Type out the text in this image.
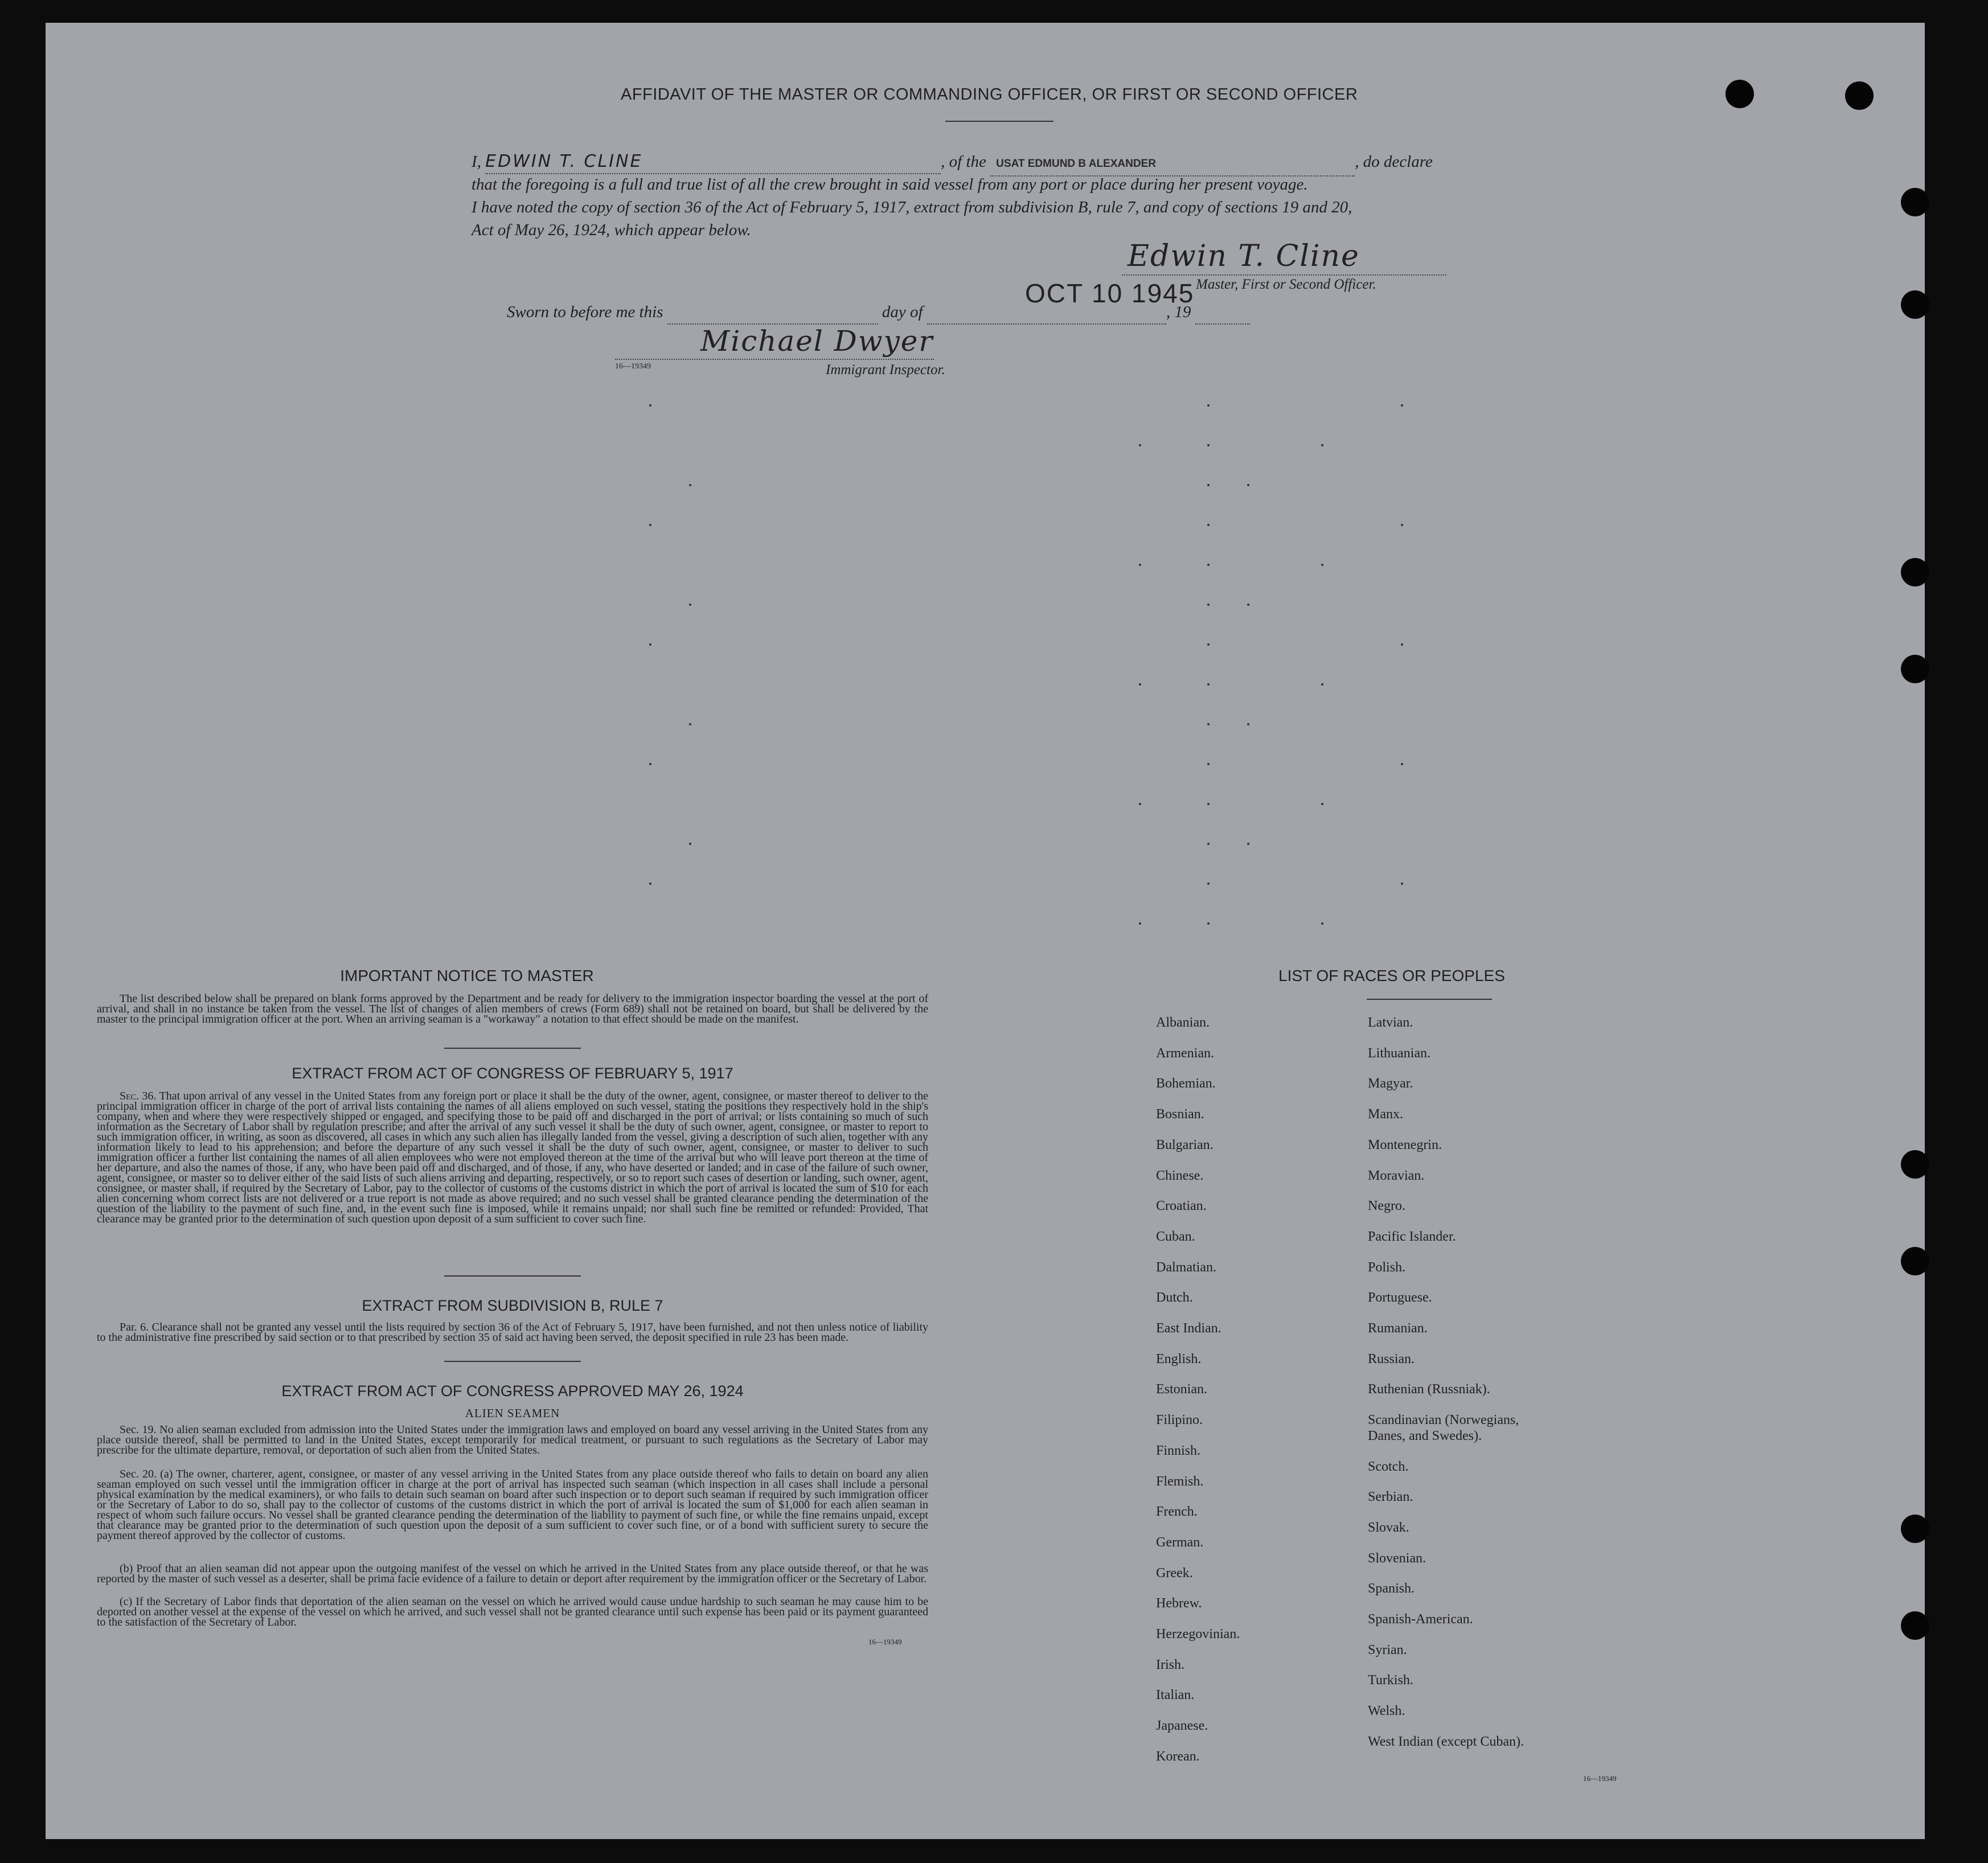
AFFIDAVIT OF THE MASTER OR COMMANDING OFFICER, OR FIRST OR SECOND OFFICER
I, EDWIN T. CLINE	, of the USAT EDMUND B ALEXANDER	, do declare
that the foregoing is a full and true list of all the crew brought in said vessel from any port or place during her present voyage.
I have noted the copy of section 36 of the Act of February 5, 1917, extract from subdivision B, rule 7, and copy of sections 19 and 20,
Act of May 26, 1924, which appear below.
Edwin T. Cline
Master, First or Second Officer.
Sworn to before me this	day of	, 19
OCT 10 1945
Michael Dwyer
16—19349	Immigrant Inspector.
IMPORTANT NOTICE TO MASTER
The list described below shall be prepared on blank forms approved by the Department and be ready for delivery to the immigration inspector boarding the vessel at the port of arrival, and shall in no instance be taken from the vessel. The list of changes of alien members of crews (Form 689) shall not be retained on board, but shall be delivered by the master to the principal immigration officer at the port. When an arriving seaman is a "workaway" a notation to that effect should be made on the manifest.
EXTRACT FROM ACT OF CONGRESS OF FEBRUARY 5, 1917
Sec. 36. That upon arrival of any vessel in the United States from any foreign port or place it shall be the duty of the owner, agent, consignee, or master thereof to deliver to the principal immigration officer in charge of the port of arrival lists containing the names of all aliens employed on such vessel, stating the positions they respectively hold in the ship's company, when and where they were respectively shipped or engaged, and specifying those to be paid off and discharged in the port of arrival; or lists containing so much of such information as the Secretary of Labor shall by regulation prescribe; and after the arrival of any such vessel it shall be the duty of such owner, agent, consignee, or master to report to such immigration officer, in writing, as soon as discovered, all cases in which any such alien has illegally landed from the vessel, giving a description of such alien, together with any information likely to lead to his apprehension; and before the departure of any such vessel it shall be the duty of such owner, agent, consignee, or master to deliver to such immigration officer a further list containing the names of all alien employees who were not employed thereon at the time of the arrival but who will leave port thereon at the time of her departure, and also the names of those, if any, who have been paid off and discharged, and of those, if any, who have deserted or landed; and in case of the failure of such owner, agent, consignee, or master so to deliver either of the said lists of such aliens arriving and departing, respectively, or so to report such cases of desertion or landing, such owner, agent, consignee, or master shall, if required by the Secretary of Labor, pay to the collector of customs of the customs district in which the port of arrival is located the sum of $10 for each alien concerning whom correct lists are not delivered or a true report is not made as above required; and no such vessel shall be granted clearance pending the determination of the question of the liability to the payment of such fine, and, in the event such fine is imposed, while it remains unpaid; nor shall such fine be remitted or refunded: Provided, That clearance may be granted prior to the determination of such question upon deposit of a sum sufficient to cover such fine.
EXTRACT FROM SUBDIVISION B, RULE 7
Par. 6. Clearance shall not be granted any vessel until the lists required by section 36 of the Act of February 5, 1917, have been furnished, and not then unless notice of liability to the administrative fine prescribed by said section or to that prescribed by section 35 of said act having been served, the deposit specified in rule 23 has been made.
EXTRACT FROM ACT OF CONGRESS APPROVED MAY 26, 1924
ALIEN SEAMEN
Sec. 19. No alien seaman excluded from admission into the United States under the immigration laws and employed on board any vessel arriving in the United States from any place outside thereof, shall be permitted to land in the United States, except temporarily for medical treatment, or pursuant to such regulations as the Secretary of Labor may prescribe for the ultimate departure, removal, or deportation of such alien from the United States.
Sec. 20. (a) The owner, charterer, agent, consignee, or master of any vessel arriving in the United States from any place outside thereof who fails to detain on board any alien seaman employed on such vessel until the immigration officer in charge at the port of arrival has inspected such seaman (which inspection in all cases shall include a personal physical examination by the medical examiners), or who fails to detain such seaman on board after such inspection or to deport such seaman if required by such immigration officer or the Secretary of Labor to do so, shall pay to the collector of customs of the customs district in which the port of arrival is located the sum of $1,000 for each alien seaman in respect of whom such failure occurs. No vessel shall be granted clearance pending the determination of the liability to payment of such fine, or while the fine remains unpaid, except that clearance may be granted prior to the determination of such question upon the deposit of a sum sufficient to cover such fine, or of a bond with sufficient surety to secure the payment thereof approved by the collector of customs.
(b) Proof that an alien seaman did not appear upon the outgoing manifest of the vessel on which he arrived in the United States from any place outside thereof, or that he was reported by the master of such vessel as a deserter, shall be prima facie evidence of a failure to detain or deport after requirement by the immigration officer or the Secretary of Labor.
(c) If the Secretary of Labor finds that deportation of the alien seaman on the vessel on which he arrived would cause undue hardship to such seaman he may cause him to be deported on another vessel at the expense of the vessel on which he arrived, and such vessel shall not be granted clearance until such expense has been paid or its payment guaranteed to the satisfaction of the Secretary of Labor.
16—19349
LIST OF RACES OR PEOPLES
Albanian.
Armenian.
Bohemian.
Bosnian.
Bulgarian.
Chinese.
Croatian.
Cuban.
Dalmatian.
Dutch.
East Indian.
English.
Estonian.
Filipino.
Finnish.
Flemish.
French.
German.
Greek.
Hebrew.
Herzegovinian.
Irish.
Italian.
Japanese.
Korean.
Latvian.
Lithuanian.
Magyar.
Manx.
Montenegrin.
Moravian.
Negro.
Pacific Islander.
Polish.
Portuguese.
Rumanian.
Russian.
Ruthenian (Russniak).
Scandinavian (Norwegians,
Danes, and Swedes).
Scotch.
Serbian.
Slovak.
Slovenian.
Spanish.
Spanish-American.
Syrian.
Turkish.
Welsh.
West Indian (except Cuban).
16—19349
